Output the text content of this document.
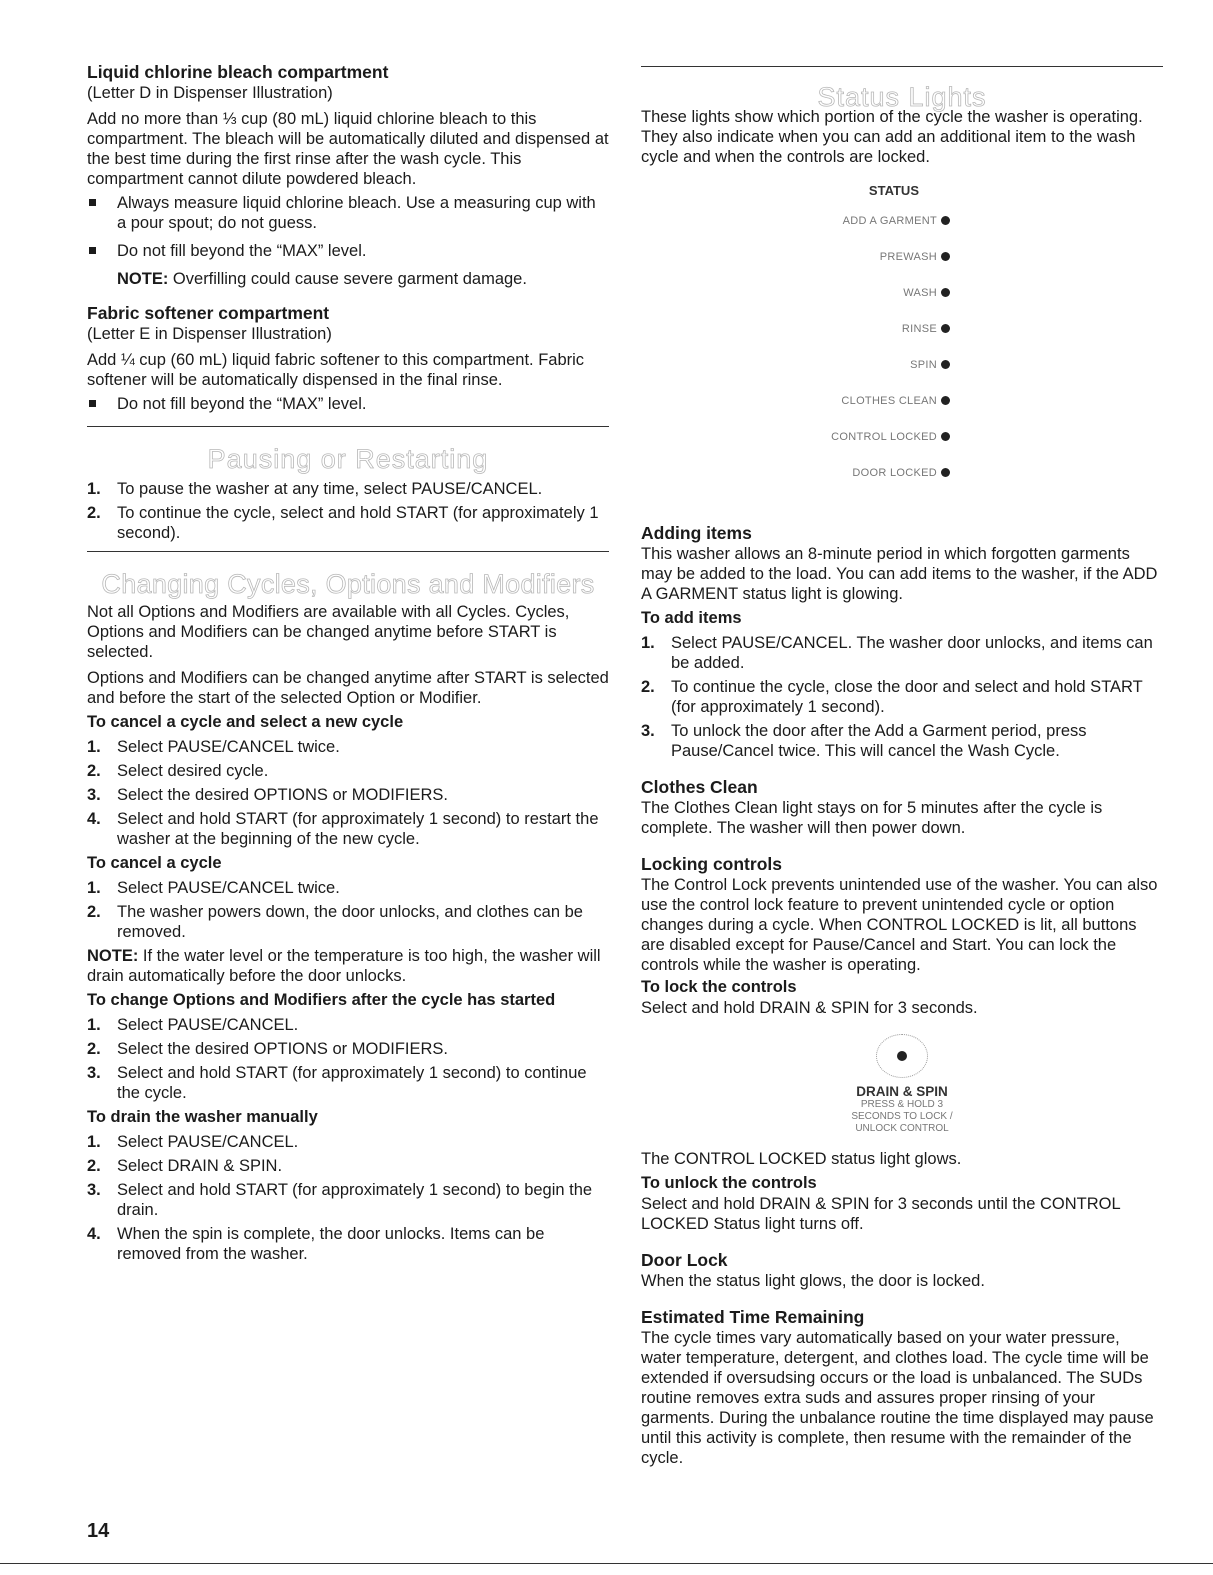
Liquid chlorine bleach compartment

(Letter D in Dispenser Illustration)

Add no more than ⅓ cup (80 mL) liquid chlorine bleach to this compartment. The bleach will be automatically diluted and dispensed at the best time during the first rinse after the wash cycle. This compartment cannot dilute powdered bleach.

Always measure liquid chlorine bleach. Use a measuring cup with a pour spout; do not guess.
Do not fill beyond the “MAX” level.

NOTE: Overfilling could cause severe garment damage.

Fabric softener compartment

(Letter E in Dispenser Illustration)

Add ¼ cup (60 mL) liquid fabric softener to this compartment. Fabric softener will be automatically dispensed in the final rinse.

Do not fill beyond the “MAX” level.
Pausing or Restarting
1. To pause the washer at any time, select PAUSE/CANCEL.
2. To continue the cycle, select and hold START (for approximately 1 second).
Changing Cycles, Options and Modifiers

Not all Options and Modifiers are available with all Cycles. Cycles, Options and Modifiers can be changed anytime before START is selected.

Options and Modifiers can be changed anytime after START is selected and before the start of the selected Option or Modifier.

To cancel a cycle and select a new cycle
1. Select PAUSE/CANCEL twice.
2. Select desired cycle.
3. Select the desired OPTIONS or MODIFIERS.
4. Select and hold START (for approximately 1 second) to restart the washer at the beginning of the new cycle.
To cancel a cycle
1. Select PAUSE/CANCEL twice.
2. The washer powers down, the door unlocks, and clothes can be removed.

NOTE: If the water level or the temperature is too high, the washer will drain automatically before the door unlocks.

To change Options and Modifiers after the cycle has started
1. Select PAUSE/CANCEL.
2. Select the desired OPTIONS or MODIFIERS.
3. Select and hold START (for approximately 1 second) to continue the cycle.
To drain the washer manually
1. Select PAUSE/CANCEL.
2. Select DRAIN & SPIN.
3. Select and hold START (for approximately 1 second) to begin the drain.
4. When the spin is complete, the door unlocks. Items can be removed from the washer.
Status Lights

These lights show which portion of the cycle the washer is operating. They also indicate when you can add an additional item to the wash cycle and when the controls are locked.

STATUS
ADD A GARMENT
PREWASH
WASH
RINSE
SPIN
CLOTHES CLEAN
CONTROL LOCKED
DOOR LOCKED
Adding items

This washer allows an 8-minute period in which forgotten garments may be added to the load. You can add items to the washer, if the ADD A GARMENT status light is glowing.

To add items
1. Select PAUSE/CANCEL. The washer door unlocks, and items can be added.
2. To continue the cycle, close the door and select and hold START (for approximately 1 second).
3. To unlock the door after the Add a Garment period, press Pause/Cancel twice. This will cancel the Wash Cycle.
Clothes Clean

The Clothes Clean light stays on for 5 minutes after the cycle is complete. The washer will then power down.

Locking controls

The Control Lock prevents unintended use of the washer. You can also use the control lock feature to prevent unintended cycle or option changes during a cycle. When CONTROL LOCKED is lit, all buttons are disabled except for Pause/Cancel and Start. You can lock the controls while the washer is operating.

To lock the controls

Select and hold DRAIN & SPIN for 3 seconds.

DRAIN & SPIN
PRESS & HOLD 3
SECONDS TO LOCK /
UNLOCK CONTROL

The CONTROL LOCKED status light glows.

To unlock the controls

Select and hold DRAIN & SPIN for 3 seconds until the CONTROL LOCKED Status light turns off.

Door Lock

When the status light glows, the door is locked.

Estimated Time Remaining

The cycle times vary automatically based on your water pressure, water temperature, detergent, and clothes load. The cycle time will be extended if oversudsing occurs or the load is unbalanced. The SUDs routine removes extra suds and assures proper rinsing of your garments. During the unbalance routine the time displayed may pause until this activity is complete, then resume with the remainder of the cycle.

14
